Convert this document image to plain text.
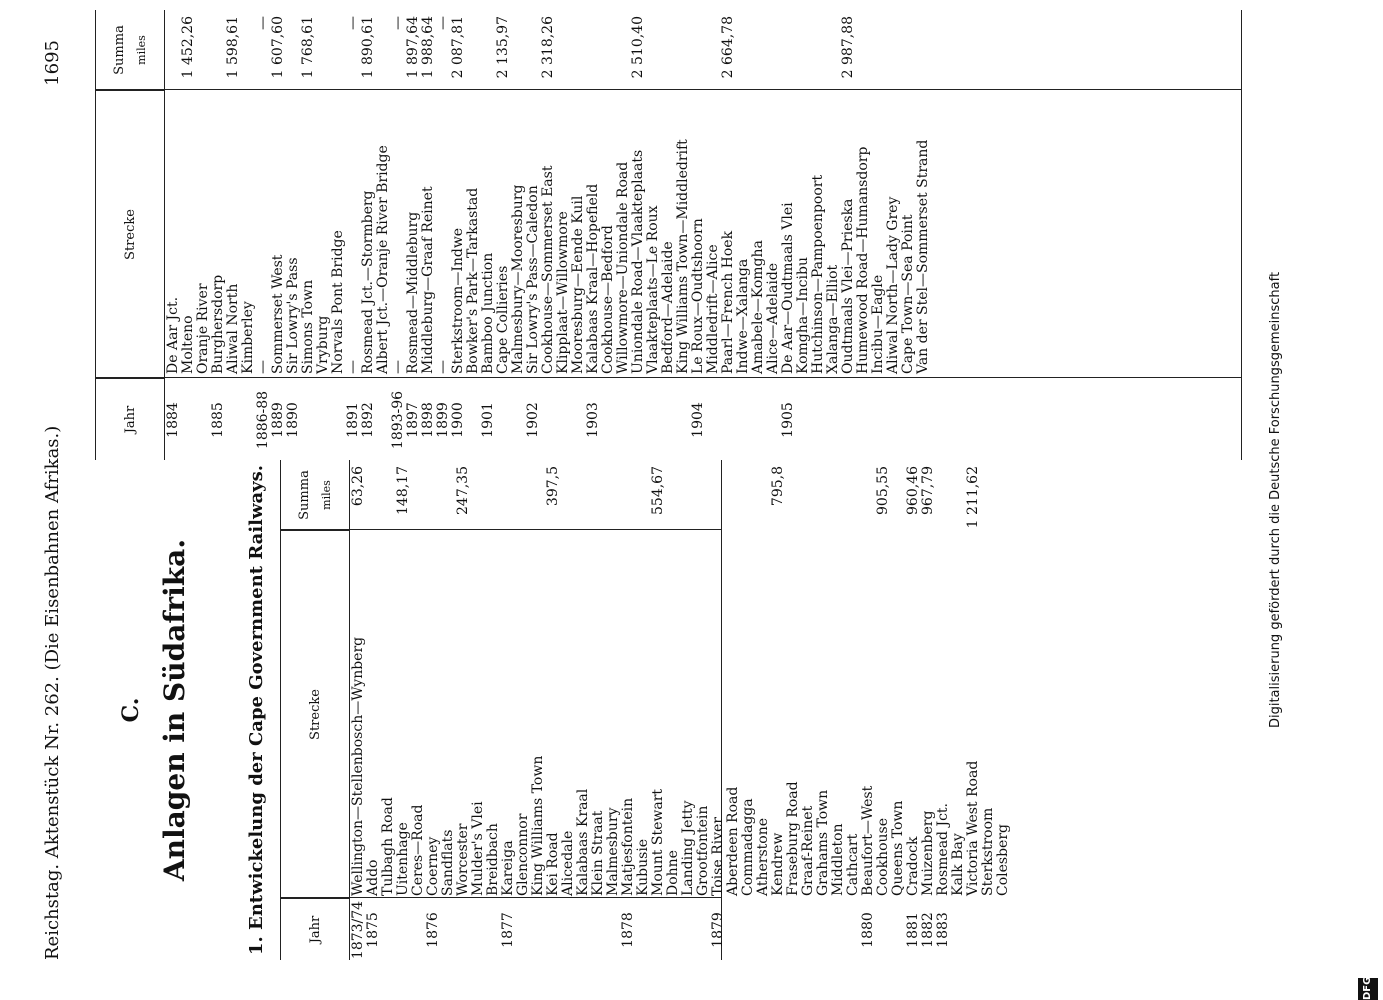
Reichstag. Aktenstück Nr. 262. (Die Eisenbahnen Afrikas.)
1695
C. Anlagen in Südafrika.	1. Entwickelung der Cape Government Railways.	Jahr
Strecke
Summa miles
1873/74
Wellington—Stellenbosch—Wynberg
63,26
1875
Addo Tulbagh Road Uitenhage
148,17
Ceres—Road
1876
Coerney Sandflats Worcester
247,35
Mulder's Vlei Breidbach
1877
Kareiga Glenconnor King Williams Town Kei Road
397,5
Alicedale Kalabaas Kraal Klein Straat Malmesbury
1878
Matjesfontein Kubusie Mount Stewart
554,67
Dohne Landing Jetty Grootfontein
1879
Toise River Aberdeen Road Commadagga Atherstone Kendrew
795,8
Fraseburg Road Graaf-Reinet Grahams Town Middleton Cathcart
1880
Beaufort—West Cookhouse
905,55
Queens Town
1881
Cradock
960,46
1882
Muizenberg
967,79
1883
Rosmead Jct. Kalk Bay Victoria West Road
1 211,62
Sterkstroom Colesberg
Jahr
Strecke
Summa miles
1884
De Aar Jct. Molteno
1 452,26
Oranje River
1885
Burghersdorp Aliwal North
1 598,61
Kimberley
1886-88
—
—
1889
Sommerset West
1 607,60
1890
Sir Lowry's Pass Simons Town
1 768,61
Vryburg Norvals Pont Bridge
1891
—
—
1892
Rosmead Jct.—Stormberg
1 890,61
Albert Jct.—Oranje River Bridge
1893-96
—
—
1897
Rosmead—Middleburg
1 897,64
1898
Middleburg—Graaf Reinet
1 988,64
1899
—
—
1900
Sterkstroom—Indwe
2 087,81
Bowker's Park—Tarkastad
1901
Bamboo Junction Cape Collieries
2 135,97
Malmesbury—Mooresburg
1902
Sir Lowry's Pass—Caledon Cookhouse—Sommerset East
2 318,26
Klipplaat—Willowmore Mooresburg—Eende Kuil
1903
Kalabaas Kraal—Hopefield Cookhouse—Bedford Willowmore—Uniondale Road Uniondale Road—Vlaakteplaats
2 510,40
Vlaakteplaats—Le Roux Bedford—Adelaide King Williams Town—Middledrift
1904
Le Roux—Oudtshoorn Middledrift—Alice Paarl—French Hoek
2 664,78
Indwe—Xalanga Amabele—Komgha Alice—Adelaide
1905
De Aar—Oudtmaals Vlei Komgha—Incibu Hutchinson—Pampoenpoort Xalanga—Elliot Oudtmaals Vlei—Prieska
2 987,88
Humewood Road—Humansdorp Incibu—Eagle Aliwal North—Lady Grey Cape Town—Sea Point Van der Stel—Sommerset Strand
Digitalisierung gefördert durch die Deutsche Forschungsgemeinschaft
DFG
